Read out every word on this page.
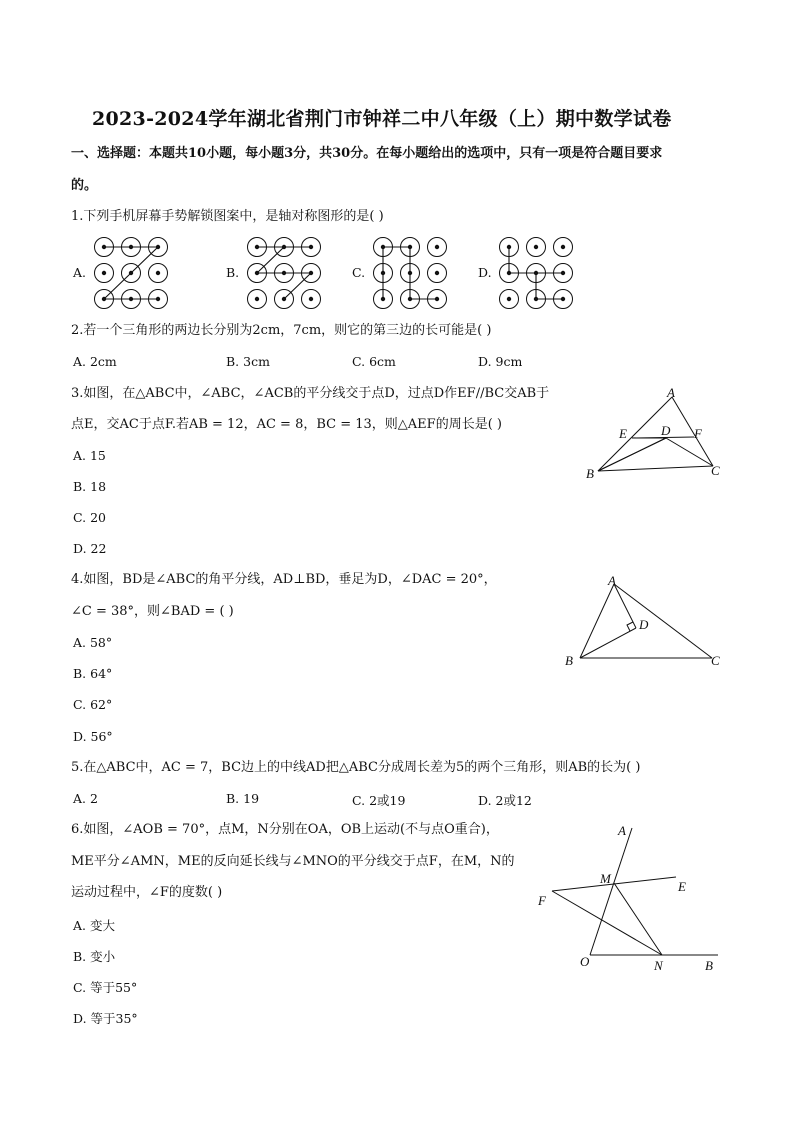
2023-2024学年湖北省荆门市钟祥二中八年级（上）期中数学试卷
一、选择题：本题共10小题，每小题3分，共30分。在每小题给出的选项中，只有一项是符合题目要求
的。
1.下列手机屏幕手势解锁图案中，是轴对称图形的是( )
A.	B.	C.	D.
2.若一个三角形的两边长分别为2cm，7cm，则它的第三边的长可能是( )
A. 2cm	B. 3cm	C. 6cm	D. 9cm
3.如图，在△ABC中，∠ABC，∠ACB的平分线交于点D，过点D作EF//BC交AB于
点E，交AC于点F.若AB = 12，AC = 8，BC = 13，则△AEF的周长是( )
A. 15
B. 18
C. 20
D. 22
A
E	D F
B	C
4.如图，BD是∠ABC的角平分线，AD⊥BD，垂足为D，∠DAC = 20°，
∠C = 38°，则∠BAD = ( )
A. 58°
B. 64°
C. 62°
D. 56°
A
D
B	C
5.在△ABC中，AC = 7，BC边上的中线AD把△ABC分成周长差为5的两个三角形，则AB的长为( )
A. 2	B. 19	C. 2或19	D. 2或12
6.如图，∠AOB = 70°，点M，N分别在OA，OB上运动(不与点O重合)，
ME平分∠AMN，ME的反向延长线与∠MNO的平分线交于点F，在M，N的
运动过程中，∠F的度数( )
A. 变大
B. 变小
C. 等于55°
D. 等于35°
A
M
E
F
O	N	B
